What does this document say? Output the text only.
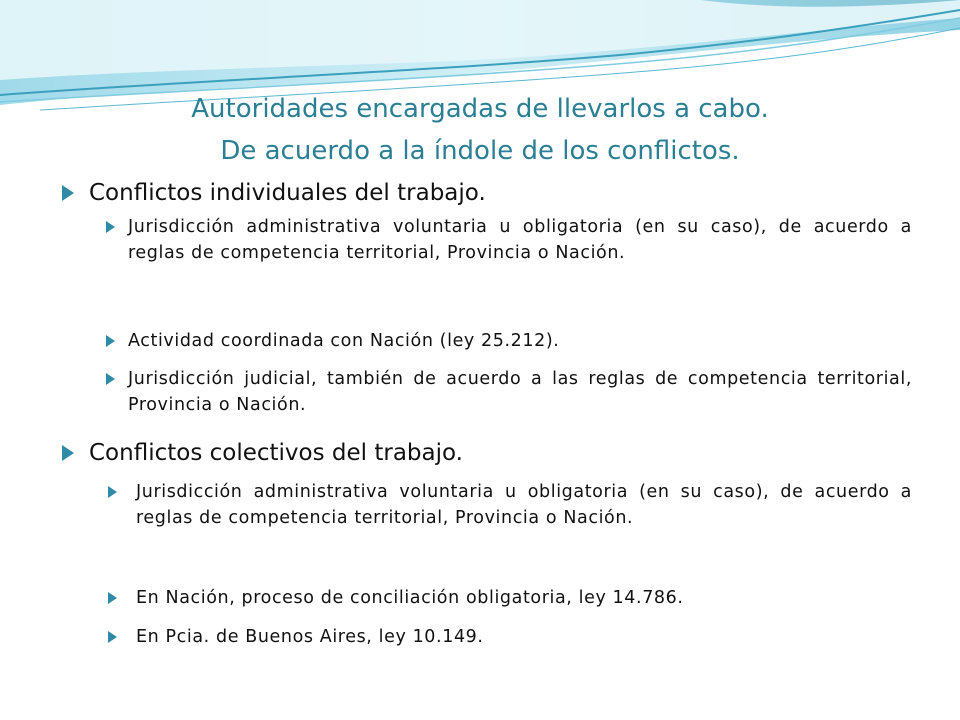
Autoridades encargadas de llevarlos a cabo.
De acuerdo a la índole de los conflictos.
Conflictos individuales del trabajo.
Jurisdicción administrativa voluntaria u obligatoria (en su caso), de acuerdo a reglas de competencia territorial, Provincia o Nación.
Actividad coordinada con Nación (ley 25.212).
Jurisdicción judicial, también de acuerdo a las reglas de competencia territorial, Provincia o Nación.
Conflictos colectivos del trabajo.
Jurisdicción administrativa voluntaria u obligatoria (en su caso), de acuerdo a reglas de competencia territorial, Provincia o Nación.
En Nación, proceso de conciliación obligatoria, ley 14.786.
En Pcia. de Buenos Aires, ley 10.149.
